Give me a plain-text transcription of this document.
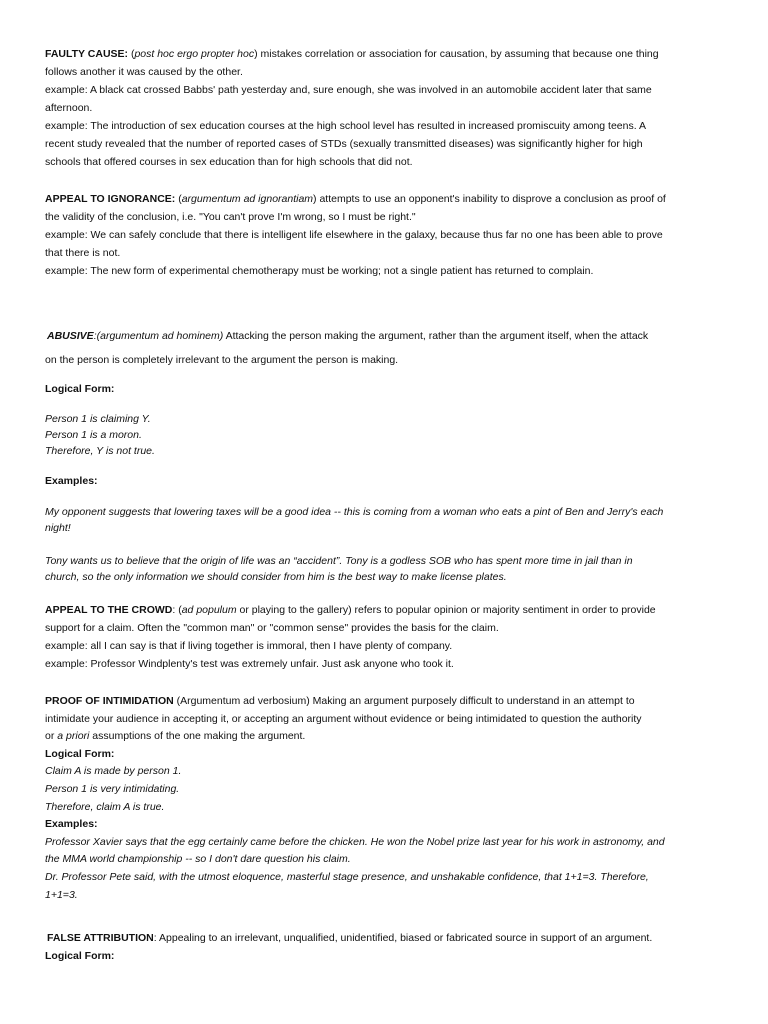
FAULTY CAUSE: (post hoc ergo propter hoc) mistakes correlation or association for causation, by assuming that because one thing

follows another it was caused by the other.

example: A black cat crossed Babbs' path yesterday and, sure enough, she was involved in an automobile accident later that same

afternoon.

example: The introduction of sex education courses at the high school level has resulted in increased promiscuity among teens. A

recent study revealed that the number of reported cases of STDs (sexually transmitted diseases) was significantly higher for high

schools that offered courses in sex education than for high schools that did not.

APPEAL TO IGNORANCE: (argumentum ad ignorantiam) attempts to use an opponent's inability to disprove a conclusion as proof of

the validity of the conclusion, i.e. "You can't prove I'm wrong, so I must be right."

example: We can safely conclude that there is intelligent life elsewhere in the galaxy, because thus far no one has been able to prove

that there is not.

example: The new form of experimental chemotherapy must be working; not a single patient has returned to complain.

ABUSIVE:(argumentum ad hominem) Attacking the person making the argument, rather than the argument itself, when the attack

on the person is completely irrelevant to the argument the person is making.

Logical Form:

Person 1 is claiming Y.

Person 1 is a moron.

Therefore, Y is not true.

Examples:

My opponent suggests that lowering taxes will be a good idea -- this is coming from a woman who eats a pint of Ben and Jerry's each

night!

Tony wants us to believe that the origin of life was an “accident”. Tony is a godless SOB who has spent more time in jail than in

church, so the only information we should consider from him is the best way to make license plates.

APPEAL TO THE CROWD: (ad populum or playing to the gallery) refers to popular opinion or majority sentiment in order to provide

support for a claim. Often the "common man" or "common sense" provides the basis for the claim.

example: all I can say is that if living together is immoral, then I have plenty of company.

example: Professor Windplenty's test was extremely unfair. Just ask anyone who took it.

PROOF OF INTIMIDATION (Argumentum ad verbosium) Making an argument purposely difficult to understand in an attempt to

intimidate your audience in accepting it, or accepting an argument without evidence or being intimidated to question the authority

or a priori assumptions of the one making the argument.

Logical Form:

Claim A is made by person 1.

Person 1 is very intimidating.

Therefore, claim A is true.

Examples:

Professor Xavier says that the egg certainly came before the chicken. He won the Nobel prize last year for his work in astronomy, and

the MMA world championship -- so I don't dare question his claim.

Dr. Professor Pete said, with the utmost eloquence, masterful stage presence, and unshakable confidence, that 1+1=3. Therefore,

1+1=3.

FALSE ATTRIBUTION: Appealing to an irrelevant, unqualified, unidentified, biased or fabricated source in support of an argument.

Logical Form:
